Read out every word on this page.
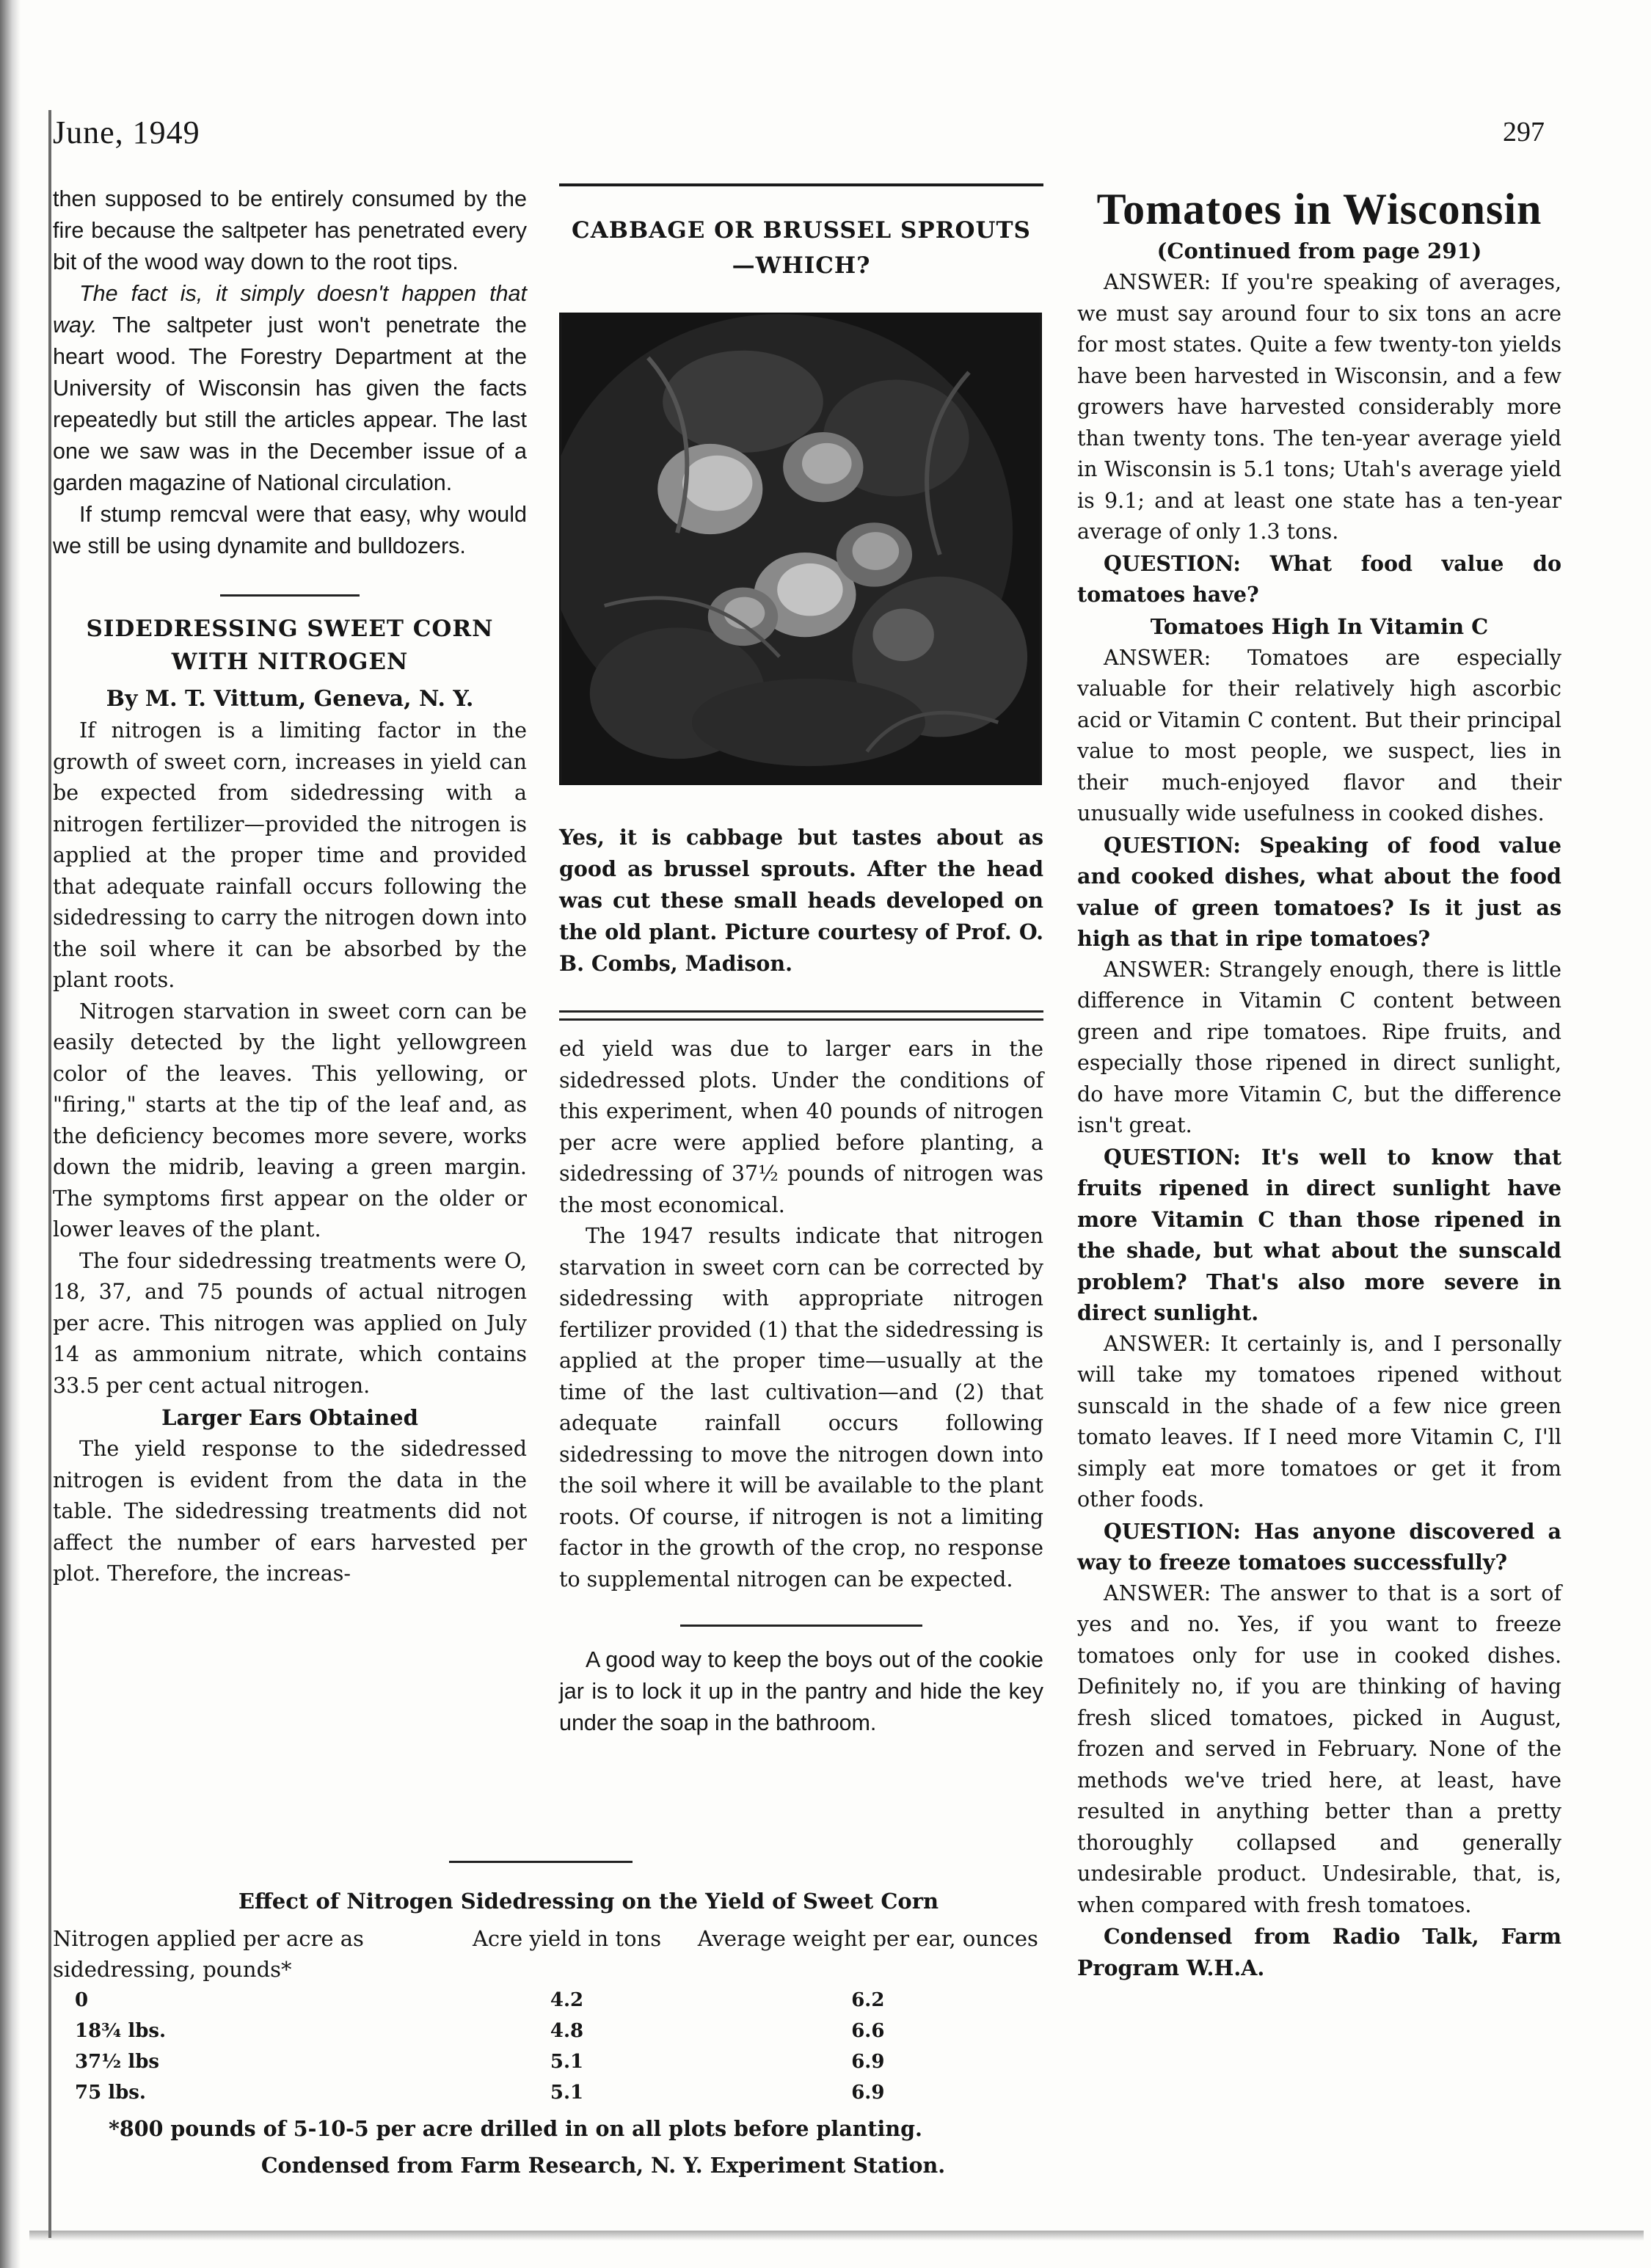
June, 1949	297

then supposed to be entirely consumed by the fire because the saltpeter has penetrated every bit of the wood way down to the root tips.

The fact is, it simply doesn't happen that way. The saltpeter just won't penetrate the heart wood. The Forestry Department at the University of Wisconsin has given the facts repeatedly but still the articles appear. The last one we saw was in the December issue of a garden magazine of National circulation.

If stump remcval were that easy, why would we still be using dynamite and bulldozers.

SIDEDRESSING SWEET CORN
WITH NITROGEN
By M. T. Vittum, Geneva, N. Y.

If nitrogen is a limiting factor in the growth of sweet corn, increases in yield can be expected from sidedressing with a nitrogen fertilizer—provided the nitrogen is applied at the proper time and provided that adequate rainfall occurs following the sidedressing to carry the nitrogen down into the soil where it can be absorbed by the plant roots.

Nitrogen starvation in sweet corn can be easily detected by the light yellowgreen color of the leaves. This yellowing, or "firing," starts at the tip of the leaf and, as the deficiency becomes more severe, works down the midrib, leaving a green margin. The symptoms first appear on the older or lower leaves of the plant.

The four sidedressing treatments were O, 18, 37, and 75 pounds of actual nitrogen per acre. This nitrogen was applied on July 14 as ammonium nitrate, which contains 33.5 per cent actual nitrogen.

Larger Ears Obtained

The yield response to the sidedressed nitrogen is evident from the data in the table. The sidedressing treatments did not affect the number of ears harvested per plot. Therefore, the increas-

CABBAGE OR BRUSSEL SPROUTS
—WHICH?

Yes, it is cabbage but tastes about as good as brussel sprouts. After the head was cut these small heads developed on the old plant. Picture courtesy of Prof. O. B. Combs, Madison.

ed yield was due to larger ears in the sidedressed plots. Under the conditions of this experiment, when 40 pounds of nitrogen per acre were applied before planting, a sidedressing of 37½ pounds of nitrogen was the most economical.

The 1947 results indicate that nitrogen starvation in sweet corn can be corrected by sidedressing with appropriate nitrogen fertilizer provided (1) that the sidedressing is applied at the proper time—usually at the time of the last cultivation—and (2) that adequate rainfall occurs following sidedressing to move the nitrogen down into the soil where it will be available to the plant roots. Of course, if nitrogen is not a limiting factor in the growth of the crop, no response to supplemental nitrogen can be expected.

A good way to keep the boys out of the cookie jar is to lock it up in the pantry and hide the key under the soap in the bathroom.

Tomatoes in Wisconsin
(Continued from page 291)

ANSWER: If you're speaking of averages, we must say around four to six tons an acre for most states. Quite a few twenty-ton yields have been harvested in Wisconsin, and a few growers have harvested considerably more than twenty tons. The ten-year average yield in Wisconsin is 5.1 tons; Utah's average yield is 9.1; and at least one state has a ten-year average of only 1.3 tons.

QUESTION: What food value do tomatoes have?

Tomatoes High In Vitamin C

ANSWER: Tomatoes are especially valuable for their relatively high ascorbic acid or Vitamin C content. But their principal value to most people, we suspect, lies in their much-enjoyed flavor and their unusually wide usefulness in cooked dishes.

QUESTION: Speaking of food value and cooked dishes, what about the food value of green tomatoes? Is it just as high as that in ripe tomatoes?

ANSWER: Strangely enough, there is little difference in Vitamin C content between green and ripe tomatoes. Ripe fruits, and especially those ripened in direct sunlight, do have more Vitamin C, but the difference isn't great.

QUESTION: It's well to know that fruits ripened in direct sunlight have more Vitamin C than those ripened in the shade, but what about the sunscald problem? That's also more severe in direct sunlight.

ANSWER: It certainly is, and I personally will take my tomatoes ripened without sunscald in the shade of a few nice green tomato leaves. If I need more Vitamin C, I'll simply eat more tomatoes or get it from other foods.

QUESTION: Has anyone discovered a way to freeze tomatoes successfully?

ANSWER: The answer to that is a sort of yes and no. Yes, if you want to freeze tomatoes only for use in cooked dishes. Definitely no, if you are thinking of having fresh sliced tomatoes, picked in August, frozen and served in February. None of the methods we've tried here, at least, have resulted in anything better than a pretty thoroughly collapsed and generally undesirable product. Undesirable, that, is, when compared with fresh tomatoes.

Condensed from Radio Talk, Farm Program W.H.A.

Effect of Nitrogen Sidedressing on the Yield of Sweet Corn
Nitrogen applied per acre as sidedressing, pounds*	Acre yield in tons	Average weight per ear, ounces
0	4.2	6.2
18¾ lbs.	4.8	6.6
37½ lbs	5.1	6.9
75 lbs.	5.1	6.9
*800 pounds of 5-10-5 per acre drilled in on all plots before planting.
Condensed from Farm Research, N. Y. Experiment Station.
